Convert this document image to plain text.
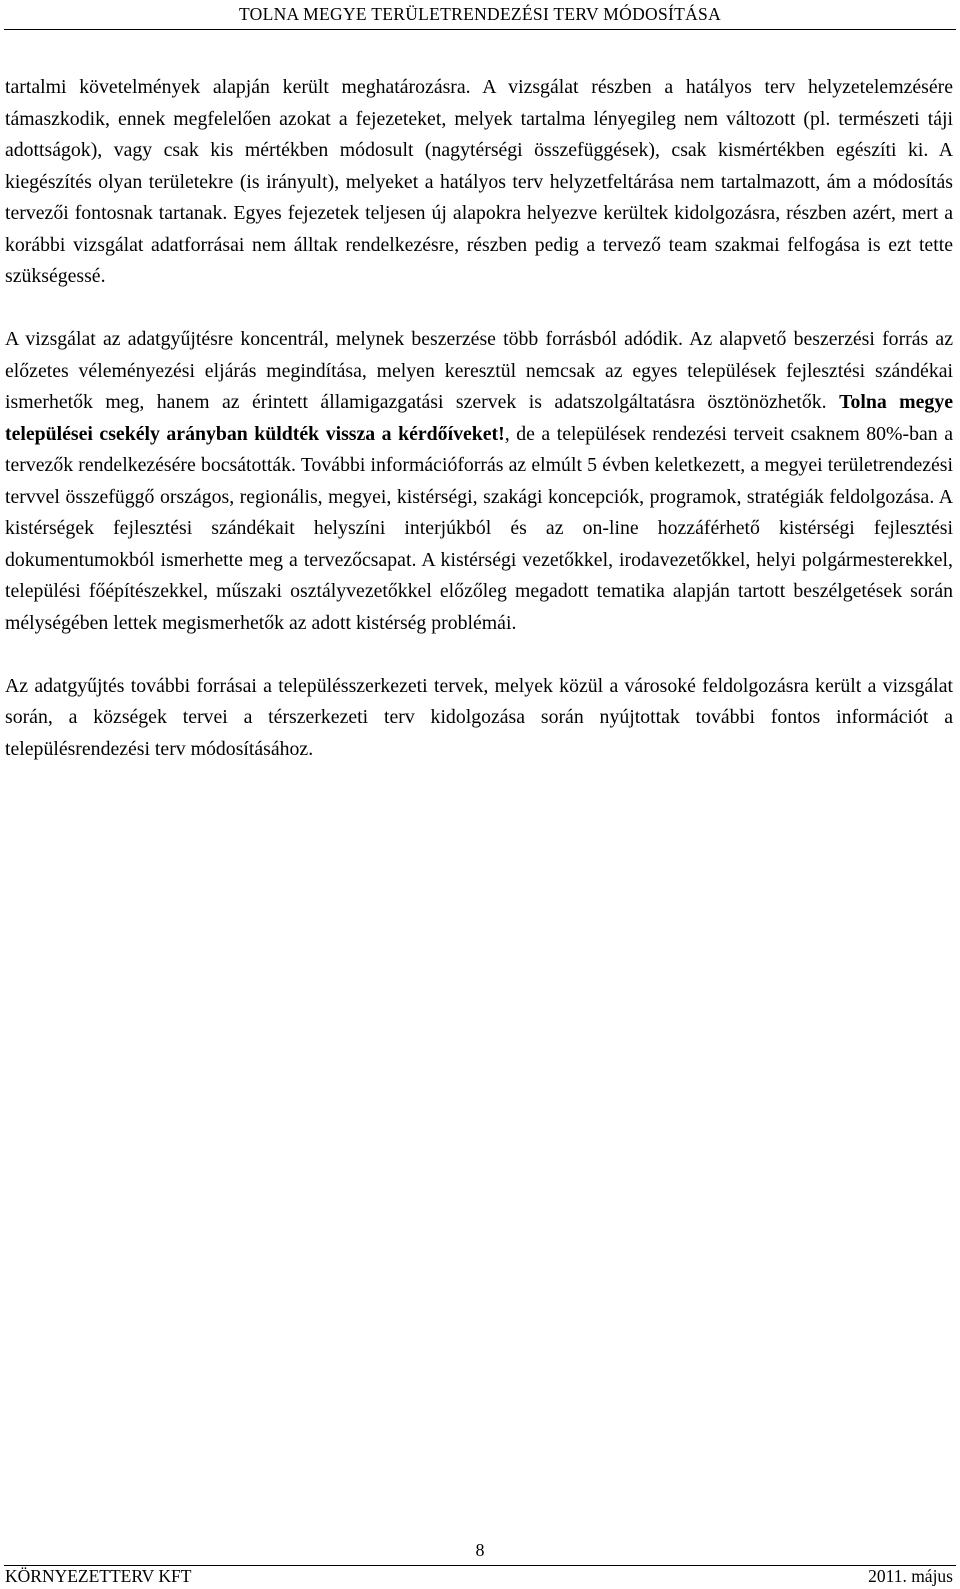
TOLNA MEGYE TERÜLETRENDEZÉSI TERV MÓDOSÍTÁSA

tartalmi követelmények alapján került meghatározásra. A vizsgálat részben a hatályos terv helyzetelemzésére támaszkodik, ennek megfelelően azokat a fejezeteket, melyek tartalma lényegileg nem változott (pl. természeti táji adottságok), vagy csak kis mértékben módosult (nagytérségi összefüggések), csak kismértékben egészíti ki. A kiegészítés olyan területekre (is irányult), melyeket a hatályos terv helyzetfeltárása nem tartalmazott, ám a módosítás tervezői fontosnak tartanak. Egyes fejezetek teljesen új alapokra helyezve kerültek kidolgozásra, részben azért, mert a korábbi vizsgálat adatforrásai nem álltak rendelkezésre, részben pedig a tervező team szakmai felfogása is ezt tette szükségessé.

A vizsgálat az adatgyűjtésre koncentrál, melynek beszerzése több forrásból adódik. Az alapvető beszerzési forrás az előzetes véleményezési eljárás megindítása, melyen keresztül nemcsak az egyes települések fejlesztési szándékai ismerhetők meg, hanem az érintett államigazgatási szervek is adatszolgáltatásra ösztönözhetők. Tolna megye települései csekély arányban küldték vissza a kérdőíveket!, de a települések rendezési terveit csaknem 80%-ban a tervezők rendelkezésére bocsátották. További információforrás az elmúlt 5 évben keletkezett, a megyei területrendezési tervvel összefüggő országos, regionális, megyei, kistérségi, szakági koncepciók, programok, stratégiák feldolgozása. A kistérségek fejlesztési szándékait helyszíni interjúkból és az on-line hozzáférhető kistérségi fejlesztési dokumentumokból ismerhette meg a tervezőcsapat. A kistérségi vezetőkkel, irodavezetőkkel, helyi polgármesterekkel, települési főépítészekkel, műszaki osztályvezetőkkel előzőleg megadott tematika alapján tartott beszélgetések során mélységében lettek megismerhetők az adott kistérség problémái.

Az adatgyűjtés további forrásai a településszerkezeti tervek, melyek közül a városoké feldolgozásra került a vizsgálat során, a községek tervei a térszerkezeti terv kidolgozása során nyújtottak további fontos információt a településrendezési terv módosításához.

8
KÖRNYEZETTERV KFT	2011. május
